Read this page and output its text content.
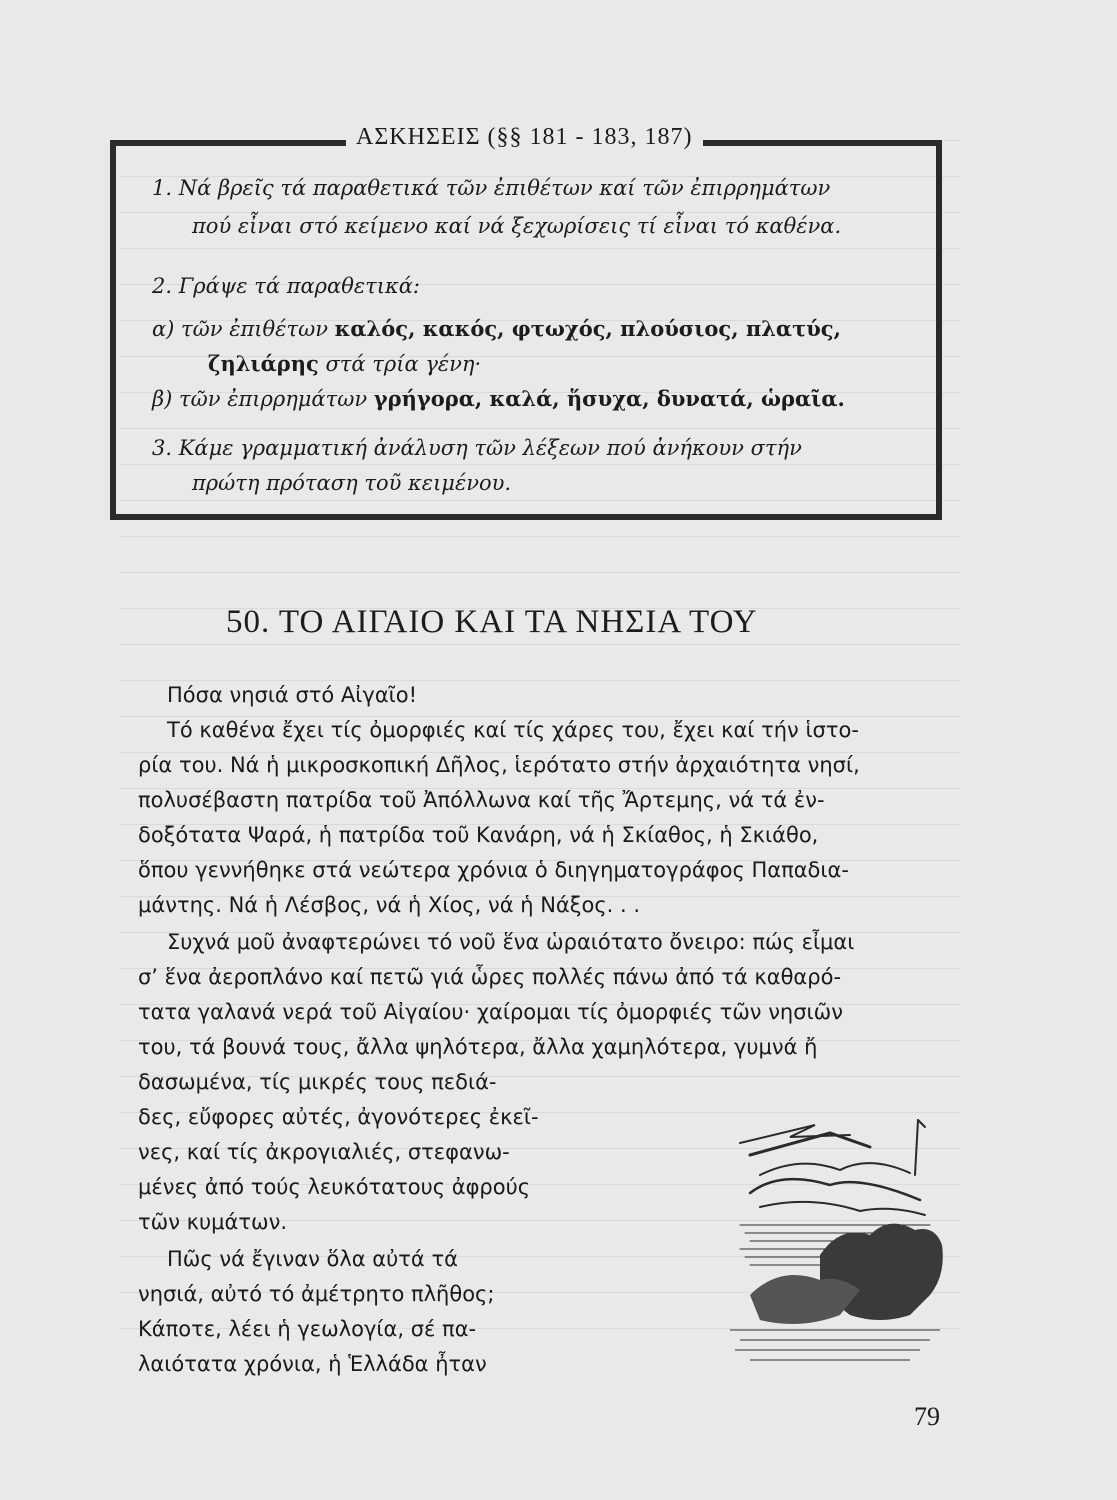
ΑΣΚΗΣΕΙΣ (§§ 181 - 183, 187)
1. Νά βρεῖς τά παραθετικά τῶν ἐπιθέτων καί τῶν ἐπιρρημάτων
πού εἶναι στό κείμενο καί νά ξεχωρίσεις τί εἶναι τό καθένα.
2. Γράψε τά παραθετικά:
α) τῶν ἐπιθέτων καλός, κακός, φτωχός, πλούσιος, πλατύς,
ζηλιάρης στά τρία γένη·
β) τῶν ἐπιρρημάτων γρήγορα, καλά, ἥσυχα, δυνατά, ὡραῖα.
3. Κάμε γραμματική ἀνάλυση τῶν λέξεων πού ἀνήκουν στήν
πρώτη πρόταση τοῦ κειμένου.
50. ΤΟ ΑΙΓΑΙΟ ΚΑΙ ΤΑ ΝΗΣΙΑ ΤΟΥ
Πόσα νησιά στό Αἰγαῖο!
Τό καθένα ἔχει τίς ὀμορφιές καί τίς χάρες του, ἔχει καί τήν ἱστο-
ρία του. Νά ἡ μικροσκοπική Δῆλος, ἱερότατο στήν ἀρχαιότητα νησί,
πολυσέβαστη πατρίδα τοῦ Ἀπόλλωνα καί τῆς Ἄρτεμης, νά τά ἐν-
δοξότατα Ψαρά, ἡ πατρίδα τοῦ Κανάρη, νά ἡ Σκίαθος, ἡ Σκιάθο,
ὅπου γεννήθηκε στά νεώτερα χρόνια ὁ διηγηματογράφος Παπαδια-
μάντης. Νά ἡ Λέσβος, νά ἡ Χίος, νά ἡ Νάξος. . .
Συχνά μοῦ ἀναφτερώνει τό νοῦ ἕνα ὡραιότατο ὄνειρο: πώς εἶμαι
σ’ ἕνα ἀεροπλάνο καί πετῶ γιά ὧρες πολλές πάνω ἀπό τά καθαρό-
τατα γαλανά νερά τοῦ Αἰγαίου· χαίρομαι τίς ὀμορφιές τῶν νησιῶν
του, τά βουνά τους, ἄλλα ψηλότερα, ἄλλα χαμηλότερα, γυμνά ἤ
δασωμένα, τίς μικρές τους πεδιά-
δες, εὔφορες αὐτές, ἀγονότερες ἐκεῖ-
νες, καί τίς ἀκρογιαλιές, στεφανω-
μένες ἀπό τούς λευκότατους ἀφρούς
τῶν κυμάτων.
Πῶς νά ἔγιναν ὅλα αὐτά τά
νησιά, αὐτό τό ἀμέτρητο πλῆθος;
Κάποτε, λέει ἡ γεωλογία, σέ πα-
λαιότατα χρόνια, ἡ Ἑλλάδα ἦταν
79
